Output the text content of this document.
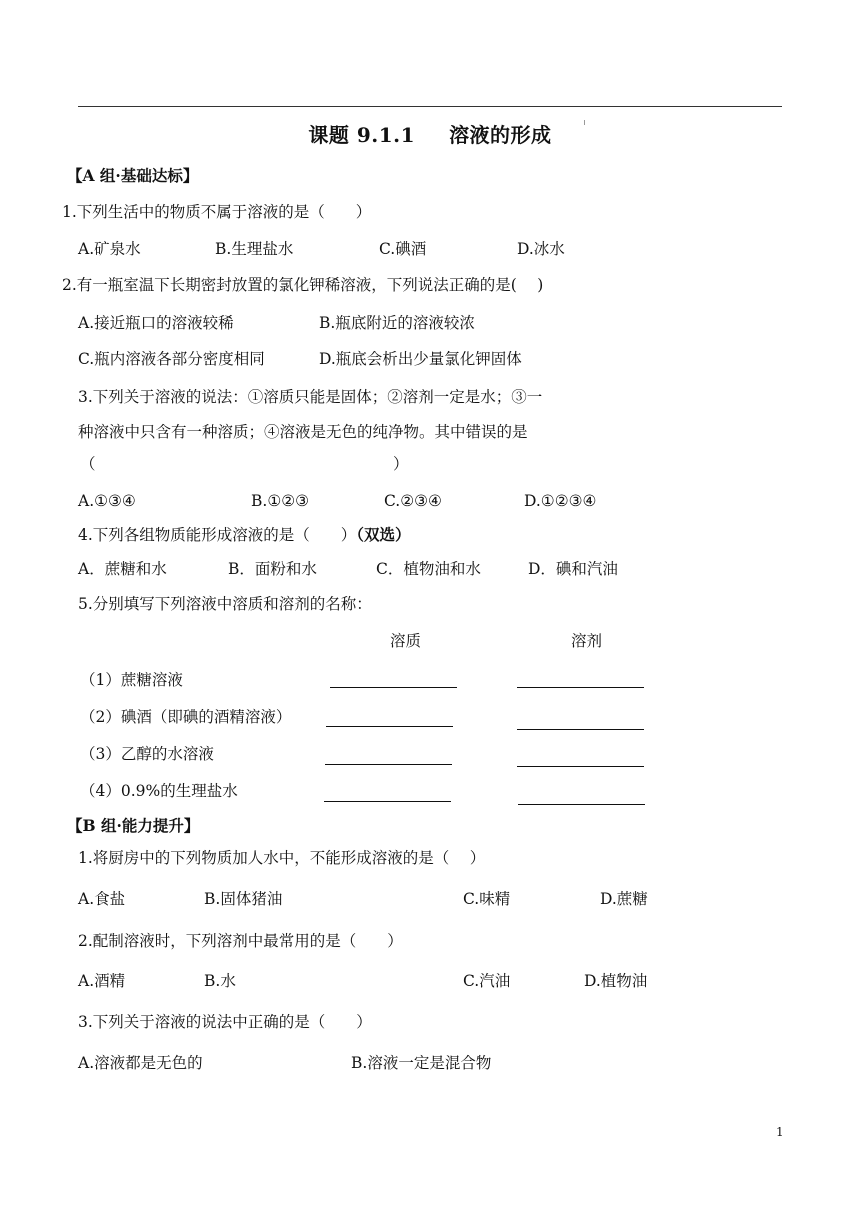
课题 9.1.1 溶液的形成
【A 组·基础达标】
1.下列生活中的物质不属于溶液的是（　　）
A.矿泉水	B.生理盐水	C.碘酒	D.冰水
2.有一瓶室温下长期密封放置的氯化钾稀溶液，下列说法正确的是(　 )
A.接近瓶口的溶液较稀	B.瓶底附近的溶液较浓
C.瓶内溶液各部分密度相同	D.瓶底会析出少量氯化钾固体
3.下列关于溶液的说法：①溶质只能是固体；②溶剂一定是水；③一
种溶液中只含有一种溶质；④溶液是无色的纯净物。其中错误的是
（	）
A.①③④	B.①②③	C.②③④	D.①②③④
4.下列各组物质能形成溶液的是（　　）（双选）
A．蔗糖和水	B．面粉和水	C．植物油和水	D．碘和汽油
5.分别填写下列溶液中溶质和溶剂的名称：
溶质	溶剂
（1）蔗糖溶液
（2）碘酒（即碘的酒精溶液）
（3）乙醇的水溶液
（4）0.9%的生理盐水
【B 组·能力提升】
1.将厨房中的下列物质加人水中，不能形成溶液的是（　 ）
A.食盐	B.固体猪油	C.味精	D.蔗糖
2.配制溶液时，下列溶剂中最常用的是（　　）
A.酒精	B.水	C.汽油	D.植物油
3.下列关于溶液的说法中正确的是（　　）
A.溶液都是无色的	B.溶液一定是混合物
1
